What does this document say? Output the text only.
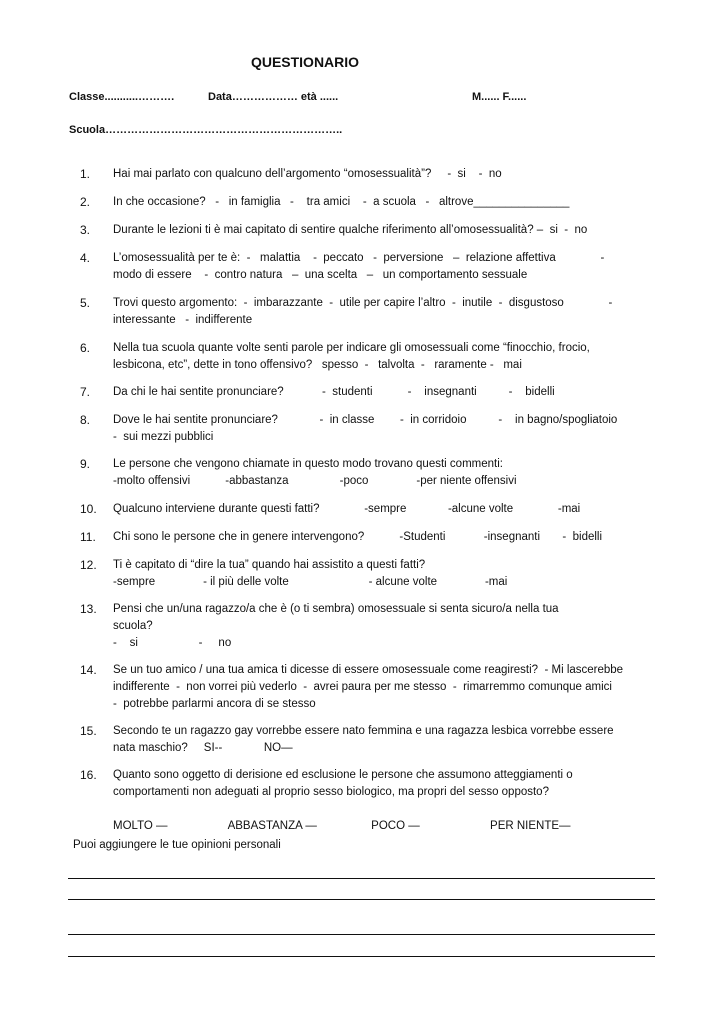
QUESTIONARIO
Classe...........……….	Data……………… età ......	M...... F......
Scuola………………………………………………………..
1.	Hai mai parlato con qualcuno dell’argomento “omosessualità”?     -  si    -  no
2.	In che occasione?   -   in famiglia   -    tra amici    -  a scuola   -   altrove_______________
3.	Durante le lezioni ti è mai capitato di sentire qualche riferimento all’omosessualità? –  si  -  no
4.	L’omosessualità per te è:  -   malattia    -  peccato   -  perversione   –  relazione affettiva              -
modo di essere    -  contro natura   –  una scelta   –   un comportamento sessuale
5.	Trovi questo argomento:  -  imbarazzante  -  utile per capire l’altro  -  inutile  -  disgustoso              -
interessante   -  indifferente
6.	Nella tua scuola quante volte senti parole per indicare gli omosessuali come “finocchio, frocio,
lesbicona, etc”, dette in tono offensivo?   spesso  -   talvolta  -   raramente -   mai
7.	Da chi le hai sentite pronunciare?            -  studenti           -    insegnanti          -    bidelli
8.	Dove le hai sentite pronunciare?             -  in classe        -  in corridoio          -    in bagno/spogliatoio
-  sui mezzi pubblici
9.	Le persone che vengono chiamate in questo modo trovano questi commenti:
-molto offensivi           -abbastanza                -poco               -per niente offensivi
10.	Qualcuno interviene durante questi fatti?              -sempre             -alcune volte              -mai
11.	Chi sono le persone che in genere intervengono?           -Studenti            -insegnanti       -  bidelli
12.	Ti è capitato di “dire la tua” quando hai assistito a questi fatti?
-sempre               - il più delle volte                         - alcune volte               -mai
13.	Pensi che un/una ragazzo/a che è (o ti sembra) omosessuale si senta sicuro/a nella tua
scuola?
-    si                   -     no
14.	Se un tuo amico / una tua amica ti dicesse di essere omosessuale come reagiresti?  - Mi lascerebbe
indifferente  -  non vorrei più vederlo  -  avrei paura per me stesso  -  rimarremmo comunque amici
-  potrebbe parlarmi ancora di se stesso
15.	Secondo te un ragazzo gay vorrebbe essere nato femmina e una ragazza lesbica vorrebbe essere
nata maschio?     SI--             NO—
16.	Quanto sono oggetto di derisione ed esclusione le persone che assumono atteggiamenti o
comportamenti non adeguati al proprio sesso biologico, ma propri del sesso opposto?

MOLTO —                   ABBASTANZA —                 POCO —                      PER NIENTE—
Puoi aggiungere le tue opinioni personali
